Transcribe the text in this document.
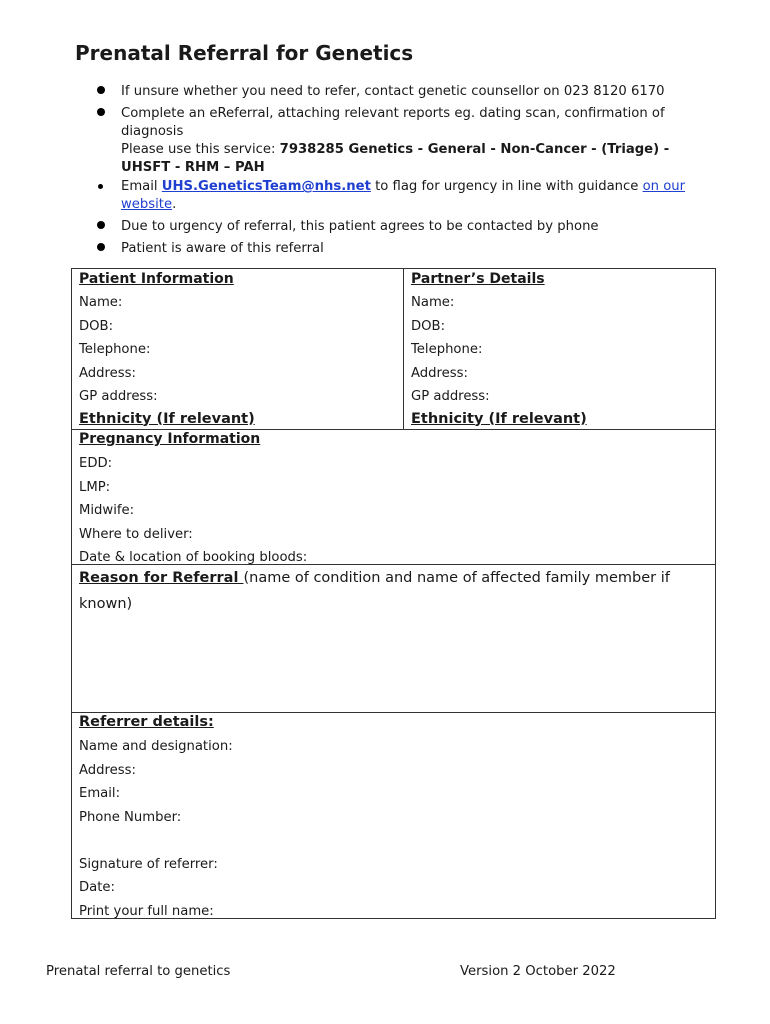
Prenatal Referral for Genetics
If unsure whether you need to refer, contact genetic counsellor on 023 8120 6170
Complete an eReferral, attaching relevant reports eg. dating scan, confirmation of diagnosis
Please use this service: 7938285 Genetics - General - Non-Cancer - (Triage) - UHSFT - RHM – PAH
Email UHS.GeneticsTeam@nhs.net to flag for urgency in line with guidance on our website.
Due to urgency of referral, this patient agrees to be contacted by phone
Patient is aware of this referral
Patient Information
Name:
DOB:
Telephone:
Address:
GP address:
Ethnicity (If relevant)
Partner’s Details
Name:
DOB:
Telephone:
Address:
GP address:
Ethnicity (If relevant)
Pregnancy Information
EDD:
LMP:
Midwife:
Where to deliver:
Date & location of booking bloods:
Reason for Referral (name of condition and name of affected family member if known)
Referrer details:
Name and designation:
Address:
Email:
Phone Number:
Signature of referrer:
Date:
Print your full name:
Prenatal referral to genetics	Version 2 October 2022
